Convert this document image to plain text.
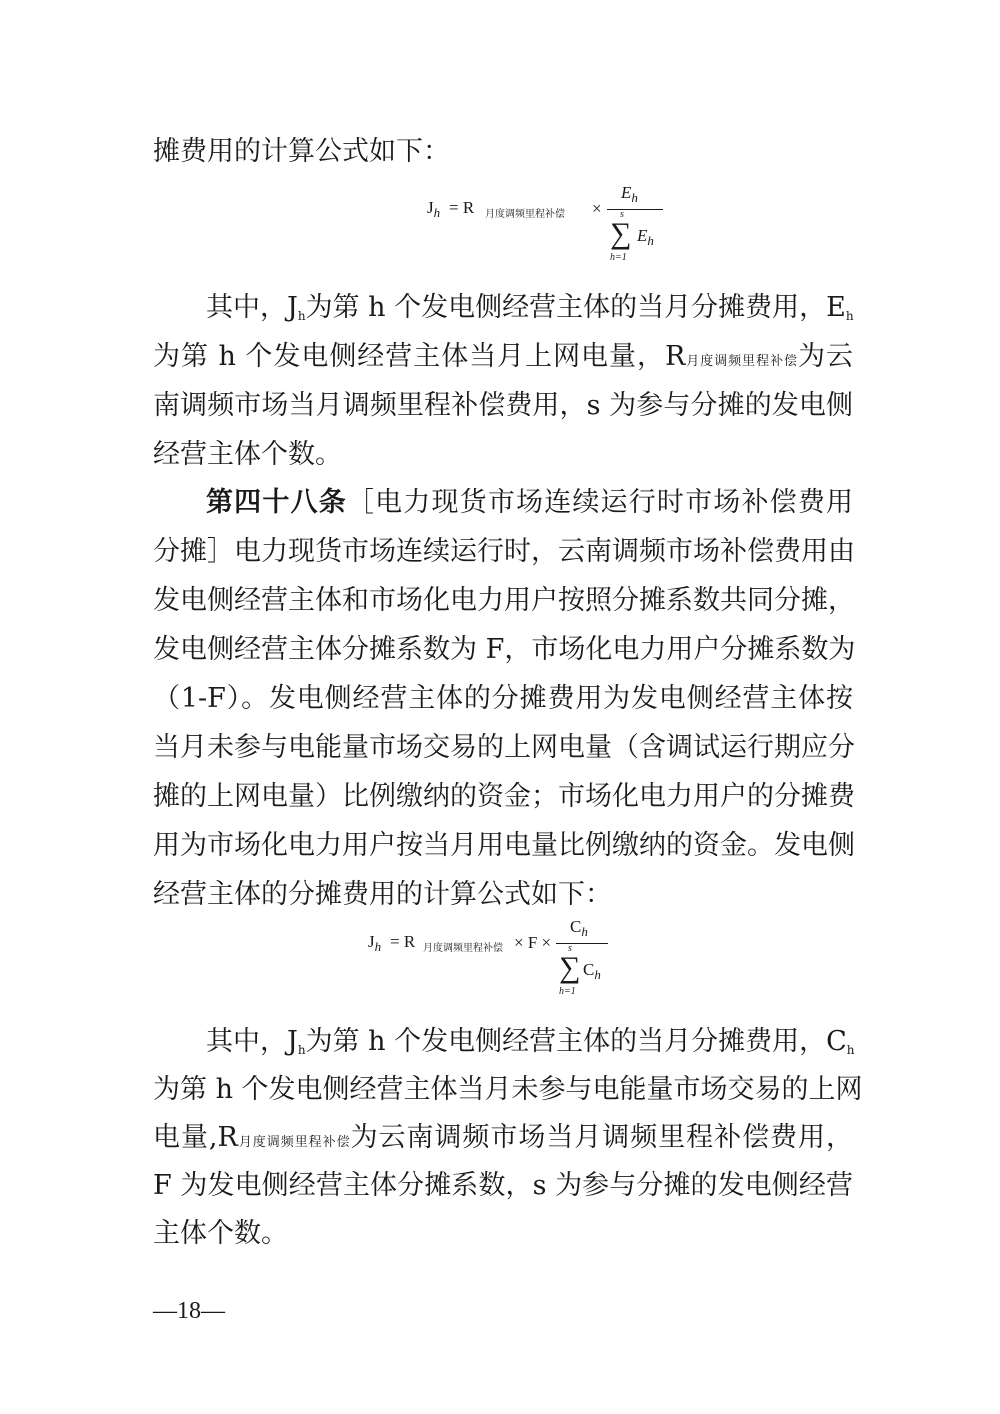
摊费用的计算公式如下：
$J_h = R$ 月度调频里程补偿 ×
$E_h$
s
∑
h=1
$E_h$
其中，$J_h$为第 h 个发电侧经营主体的当月分摊费用，$E_h$
为第 h 个发电侧经营主体当月上网电量，R月度调频里程补偿为云
南调频市场当月调频里程补偿费用，s 为参与分摊的发电侧
经营主体个数。
第四十八条［电力现货市场连续运行时市场补偿费用
分摊］电力现货市场连续运行时，云南调频市场补偿费用由
发电侧经营主体和市场化电力用户按照分摊系数共同分摊，
发电侧经营主体分摊系数为 F，市场化电力用户分摊系数为
（1-F）。发电侧经营主体的分摊费用为发电侧经营主体按
当月未参与电能量市场交易的上网电量（含调试运行期应分
摊的上网电量）比例缴纳的资金；市场化电力用户的分摊费
用为市场化电力用户按当月用电量比例缴纳的资金。发电侧
经营主体的分摊费用的计算公式如下：
$J_h = R$ 月度调频里程补偿 × F ×
$C_h$
s
∑
h=1
$C_h$
其中，$J_h$为第 h 个发电侧经营主体的当月分摊费用，$C_h$
为第 h 个发电侧经营主体当月未参与电能量市场交易的上网
电量,R月度调频里程补偿为云南调频市场当月调频里程补偿费用，
F 为发电侧经营主体分摊系数，s 为参与分摊的发电侧经营
主体个数。
—18—
